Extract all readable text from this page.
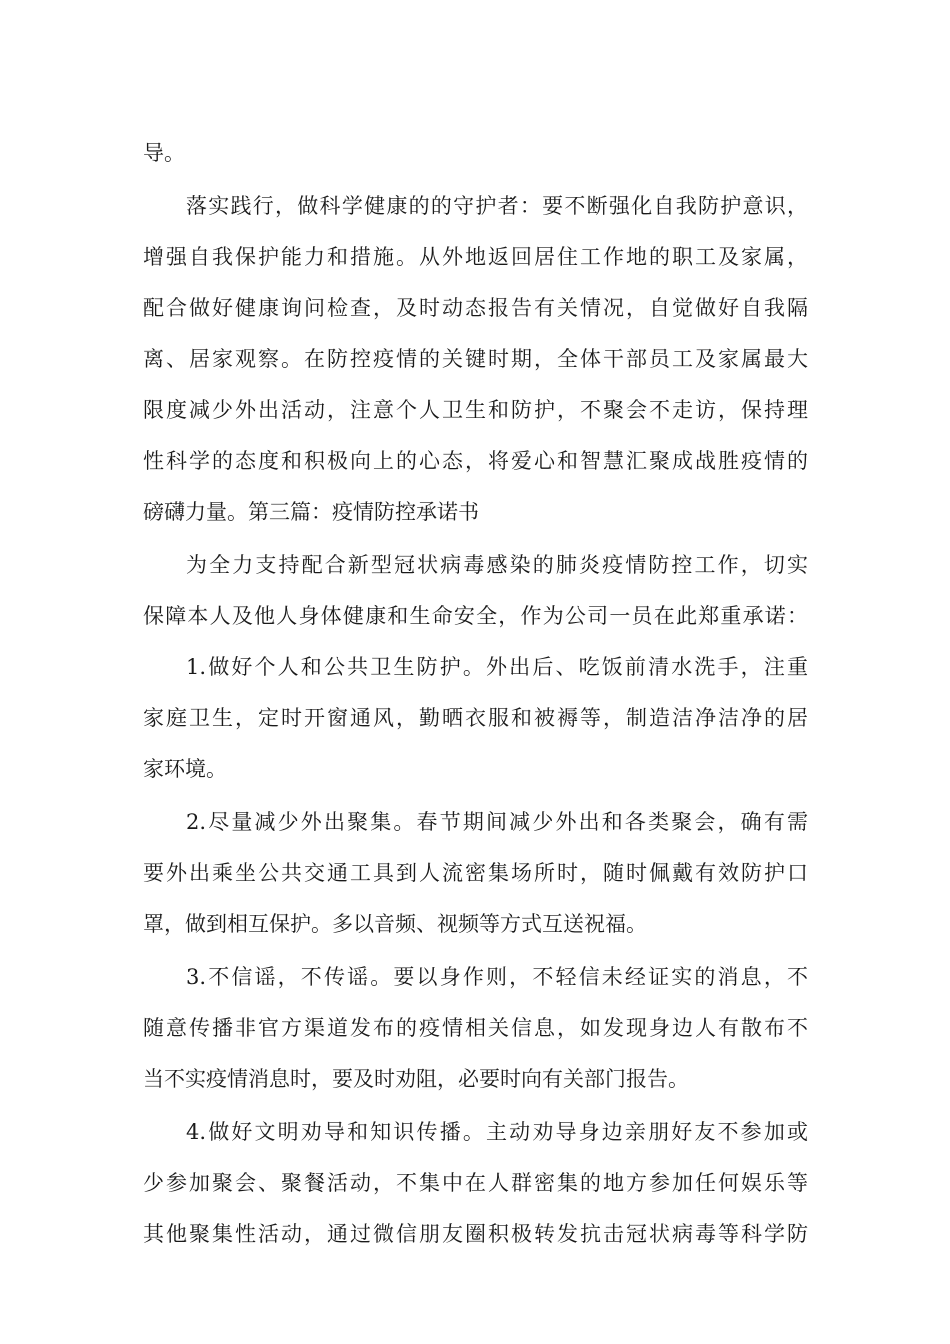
导。
落实践行，做科学健康的的守护者：要不断强化自我防护意识，
增强自我保护能力和措施。从外地返回居住工作地的职工及家属，
配合做好健康询问检查，及时动态报告有关情况，自觉做好自我隔
离、居家观察。在防控疫情的关键时期，全体干部员工及家属最大
限度减少外出活动，注意个人卫生和防护，不聚会不走访，保持理
性科学的态度和积极向上的心态，将爱心和智慧汇聚成战胜疫情的
磅礴力量。第三篇：疫情防控承诺书
为全力支持配合新型冠状病毒感染的肺炎疫情防控工作，切实
保障本人及他人身体健康和生命安全，作为公司一员在此郑重承诺：
1.做好个人和公共卫生防护。外出后、吃饭前清水洗手，注重
家庭卫生，定时开窗通风，勤晒衣服和被褥等，制造洁净洁净的居
家环境。
2.尽量减少外出聚集。春节期间减少外出和各类聚会，确有需
要外出乘坐公共交通工具到人流密集场所时，随时佩戴有效防护口
罩，做到相互保护。多以音频、视频等方式互送祝福。
3.不信谣，不传谣。要以身作则，不轻信未经证实的消息，不
随意传播非官方渠道发布的疫情相关信息，如发现身边人有散布不
当不实疫情消息时，要及时劝阻，必要时向有关部门报告。
4.做好文明劝导和知识传播。主动劝导身边亲朋好友不参加或
少参加聚会、聚餐活动，不集中在人群密集的地方参加任何娱乐等
其他聚集性活动，通过微信朋友圈积极转发抗击冠状病毒等科学防
